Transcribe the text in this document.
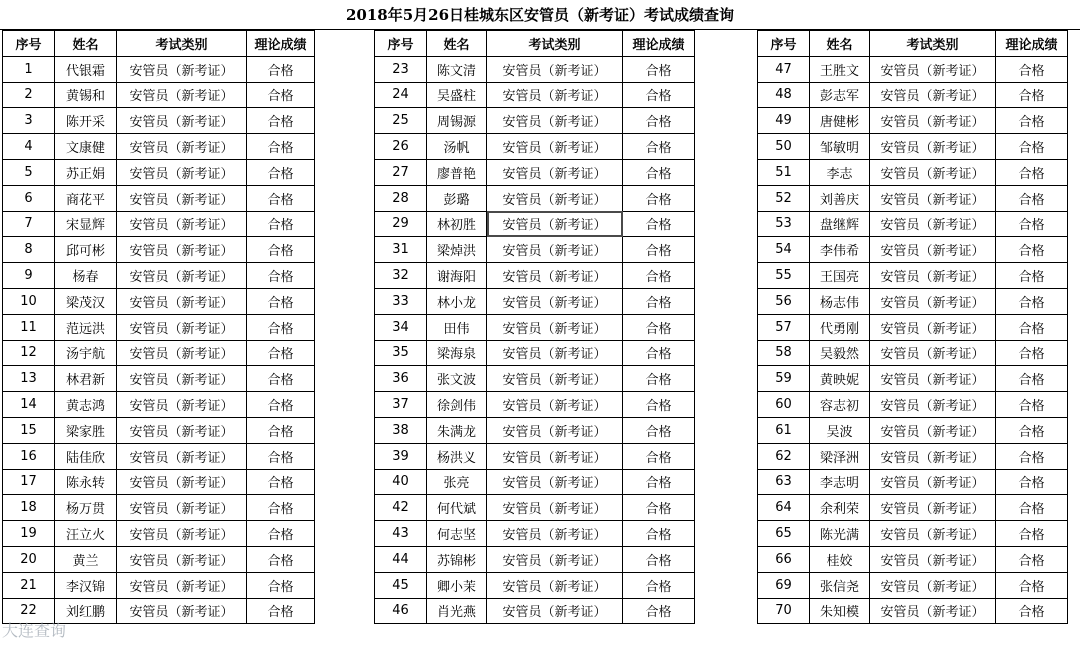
2018年5月26日桂城东区安管员（新考证）考试成绩查询
序号	姓名	考试类别	理论成绩
1	代银霜	安管员（新考证）	合格
2	黄锡和	安管员（新考证）	合格
3	陈开采	安管员（新考证）	合格
4	文康健	安管员（新考证）	合格
5	苏正娟	安管员（新考证）	合格
6	商花平	安管员（新考证）	合格
7	宋显辉	安管员（新考证）	合格
8	邱可彬	安管员（新考证）	合格
9	杨春	安管员（新考证）	合格
10	梁茂汉	安管员（新考证）	合格
11	范远洪	安管员（新考证）	合格
12	汤宇航	安管员（新考证）	合格
13	林君新	安管员（新考证）	合格
14	黄志鸿	安管员（新考证）	合格
15	梁家胜	安管员（新考证）	合格
16	陆佳欣	安管员（新考证）	合格
17	陈永转	安管员（新考证）	合格
18	杨万贯	安管员（新考证）	合格
19	汪立火	安管员（新考证）	合格
20	黄兰	安管员（新考证）	合格
21	李汉锦	安管员（新考证）	合格
22	刘红鹏	安管员（新考证）	合格
序号	姓名	考试类别	理论成绩
23	陈文清	安管员（新考证）	合格
24	吴盛柱	安管员（新考证）	合格
25	周锡源	安管员（新考证）	合格
26	汤帆	安管员（新考证）	合格
27	廖普艳	安管员（新考证）	合格
28	彭璐	安管员（新考证）	合格
29	林初胜	安管员（新考证）	合格
31	梁焯洪	安管员（新考证）	合格
32	谢海阳	安管员（新考证）	合格
33	林小龙	安管员（新考证）	合格
34	田伟	安管员（新考证）	合格
35	梁海泉	安管员（新考证）	合格
36	张文波	安管员（新考证）	合格
37	徐剑伟	安管员（新考证）	合格
38	朱满龙	安管员（新考证）	合格
39	杨洪义	安管员（新考证）	合格
40	张亮	安管员（新考证）	合格
42	何代斌	安管员（新考证）	合格
43	何志坚	安管员（新考证）	合格
44	苏锦彬	安管员（新考证）	合格
45	卿小茉	安管员（新考证）	合格
46	肖光燕	安管员（新考证）	合格
序号	姓名	考试类别	理论成绩
47	王胜文	安管员（新考证）	合格
48	彭志军	安管员（新考证）	合格
49	唐健彬	安管员（新考证）	合格
50	邹敏明	安管员（新考证）	合格
51	李志	安管员（新考证）	合格
52	刘善庆	安管员（新考证）	合格
53	盘继辉	安管员（新考证）	合格
54	李伟希	安管员（新考证）	合格
55	王国亮	安管员（新考证）	合格
56	杨志伟	安管员（新考证）	合格
57	代勇刚	安管员（新考证）	合格
58	吴毅然	安管员（新考证）	合格
59	黄映妮	安管员（新考证）	合格
60	容志初	安管员（新考证）	合格
61	吴波	安管员（新考证）	合格
62	梁泽洲	安管员（新考证）	合格
63	李志明	安管员（新考证）	合格
64	余利荣	安管员（新考证）	合格
65	陈光满	安管员（新考证）	合格
66	桂姣	安管员（新考证）	合格
69	张信尧	安管员（新考证）	合格
70	朱知模	安管员（新考证）	合格
大连查询
